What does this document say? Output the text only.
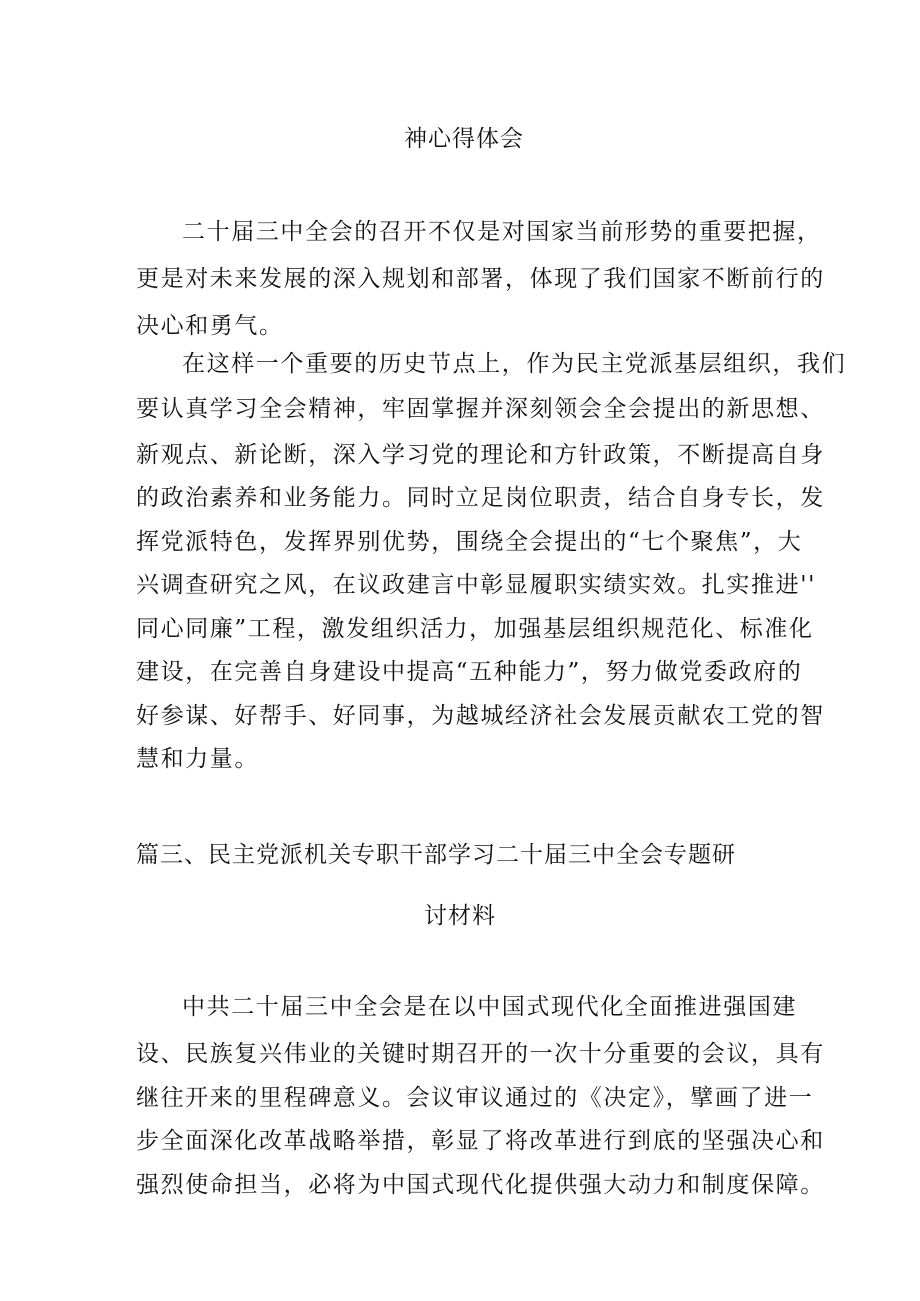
神心得体会
二十届三中全会的召开不仅是对国家当前形势的重要把握，
更是对未来发展的深入规划和部署，体现了我们国家不断前行的
决心和勇气。
在这样一个重要的历史节点上，作为民主党派基层组织，我们
要认真学习全会精神，牢固掌握并深刻领会全会提出的新思想、
新观点、新论断，深入学习党的理论和方针政策，不断提高自身
的政治素养和业务能力。同时立足岗位职责，结合自身专长，发
挥党派特色，发挥界别优势，围绕全会提出的“七个聚焦”，大
兴调查研究之风，在议政建言中彰显履职实绩实效。扎实推进''
同心同廉”工程，激发组织活力，加强基层组织规范化、标准化
建设，在完善自身建设中提高“五种能力”，努力做党委政府的
好参谋、好帮手、好同事，为越城经济社会发展贡献农工党的智
慧和力量。
篇三、民主党派机关专职干部学习二十届三中全会专题研
讨材料
中共二十届三中全会是在以中国式现代化全面推进强国建
设、民族复兴伟业的关键时期召开的一次十分重要的会议，具有
继往开来的里程碑意义。会议审议通过的《决定》，擘画了进一
步全面深化改革战略举措，彰显了将改革进行到底的坚强决心和
强烈使命担当，必将为中国式现代化提供强大动力和制度保障。
